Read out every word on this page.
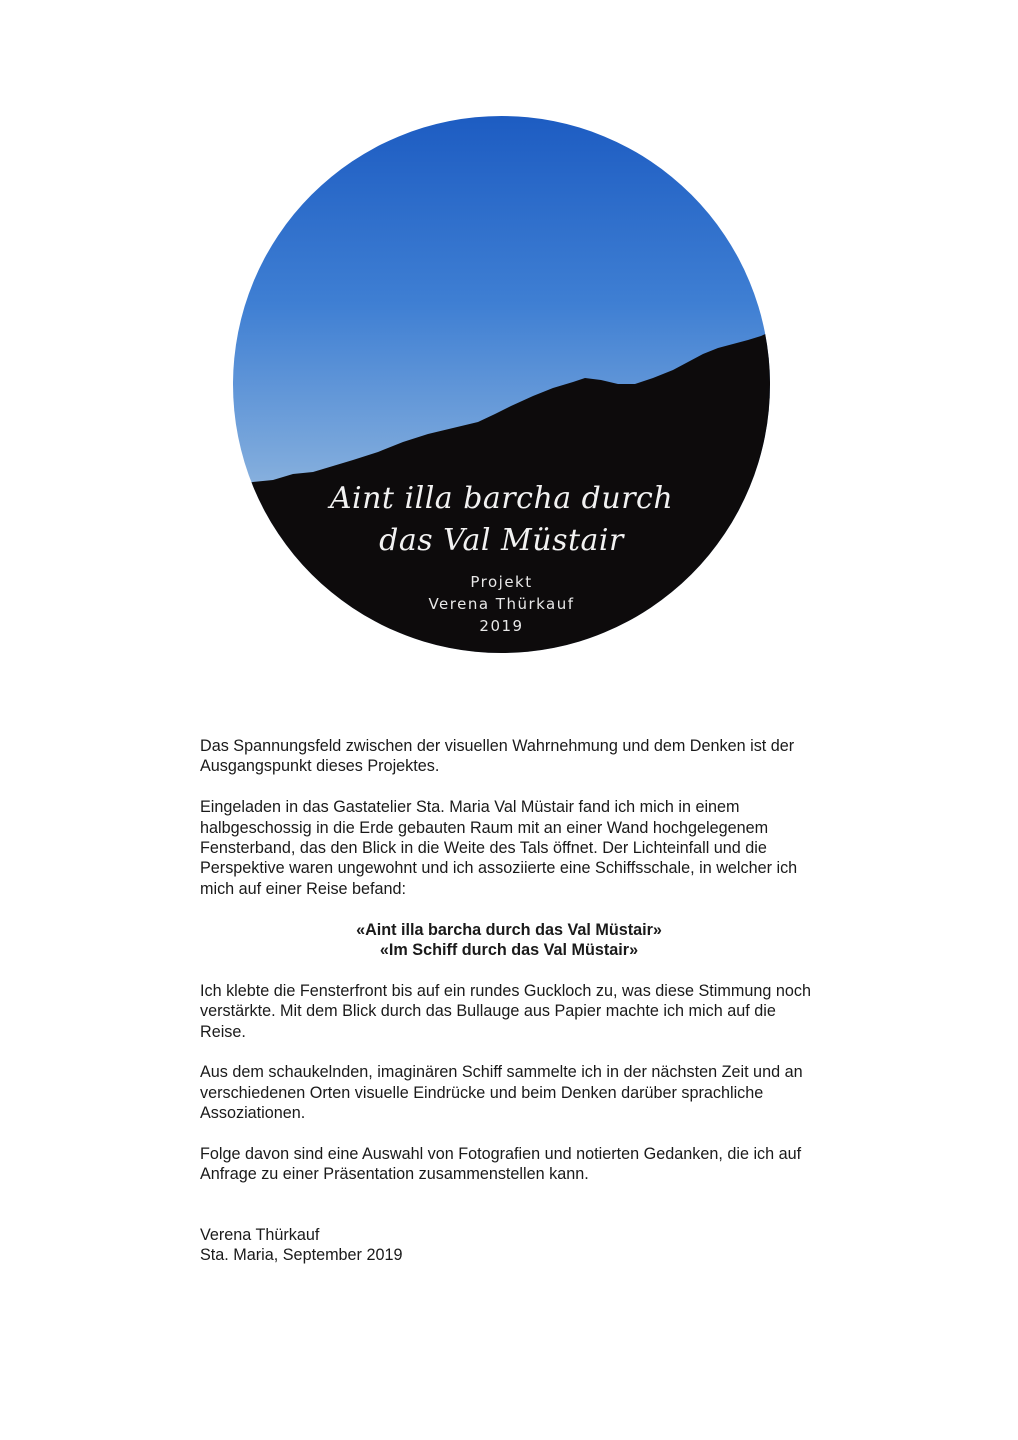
Aint illa barcha durch
das Val Müstair
Projekt
Verena Thürkauf
2019

Das Spannungsfeld zwischen der visuellen Wahrnehmung und dem Denken ist der Ausgangspunkt dieses Projektes.

Eingeladen in das Gastatelier Sta. Maria Val Müstair fand ich mich in einem halbgeschossig in die Erde gebauten Raum mit an einer Wand hochgelegenem Fensterband, das den Blick in die Weite des Tals öffnet. Der Lichteinfall und die Perspektive waren ungewohnt und ich assoziierte eine Schiffsschale, in welcher ich mich auf einer Reise befand:

«Aint illa barcha durch das Val Müstair»
«Im Schiff durch das Val Müstair»

Ich klebte die Fensterfront bis auf ein rundes Guckloch zu, was diese Stimmung noch verstärkte. Mit dem Blick durch das Bullauge aus Papier machte ich mich auf die Reise.

Aus dem schaukelnden, imaginären Schiff sammelte ich in der nächsten Zeit und an verschiedenen Orten visuelle Eindrücke und beim Denken darüber sprachliche Assoziationen.

Folge davon sind eine Auswahl von Fotografien und notierten Gedanken, die ich auf Anfrage zu einer Präsentation zusammenstellen kann.

Verena Thürkauf
Sta. Maria, September 2019
